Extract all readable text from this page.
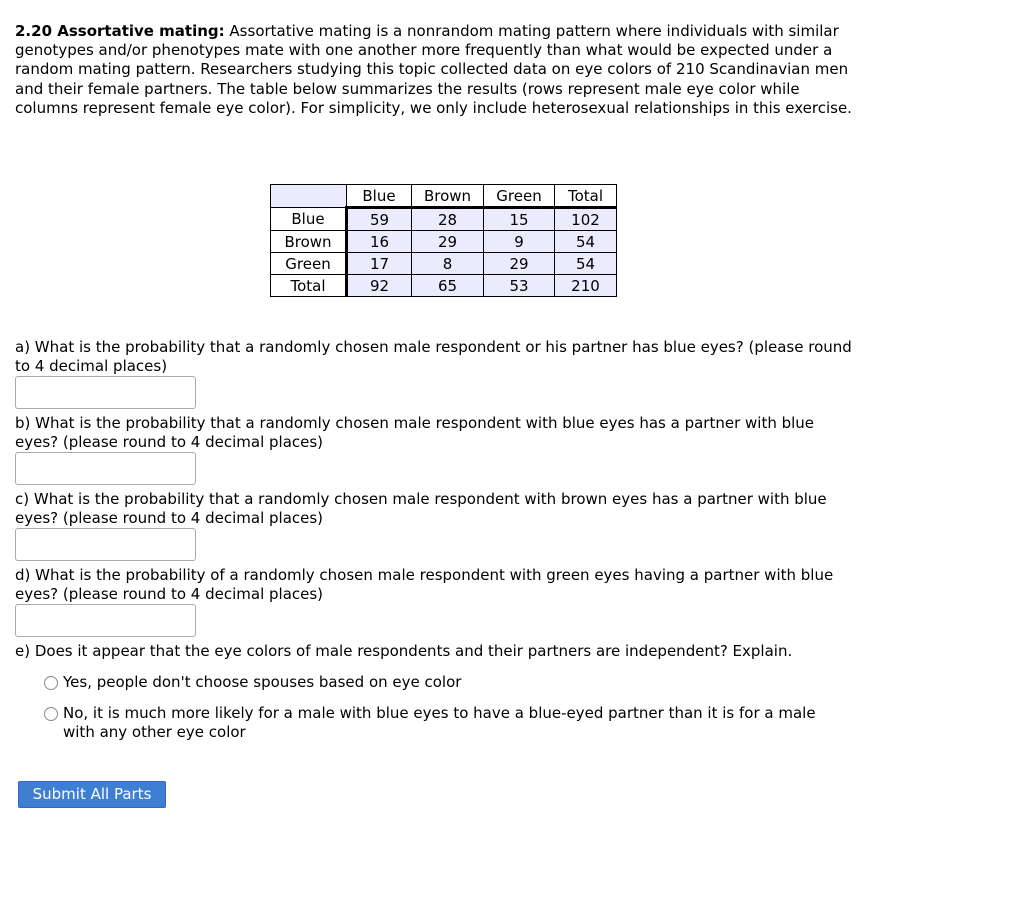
2.20 Assortative mating: Assortative mating is a nonrandom mating pattern where individuals with similar genotypes and/or phenotypes mate with one another more frequently than what would be expected under a random mating pattern. Researchers studying this topic collected data on eye colors of 210 Scandinavian men and their female partners. The table below summarizes the results (rows represent male eye color while columns represent female eye color). For simplicity, we only include heterosexual relationships in this exercise.

	Blue	Brown	Green	Total
Blue	59	28	15	102
Brown	16	29	9	54
Green	17	8	29	54
Total	92	65	53	210
a) What is the probability that a randomly chosen male respondent or his partner has blue eyes? (please round to 4 decimal places)
b) What is the probability that a randomly chosen male respondent with blue eyes has a partner with blue eyes? (please round to 4 decimal places)
c) What is the probability that a randomly chosen male respondent with brown eyes has a partner with blue eyes? (please round to 4 decimal places)
d) What is the probability of a randomly chosen male respondent with green eyes having a partner with blue eyes? (please round to 4 decimal places)
e) Does it appear that the eye colors of male respondents and their partners are independent? Explain.
Yes, people don't choose spouses based on eye color
No, it is much more likely for a male with blue eyes to have a blue-eyed partner than it is for a male with any other eye color
Submit All Parts
